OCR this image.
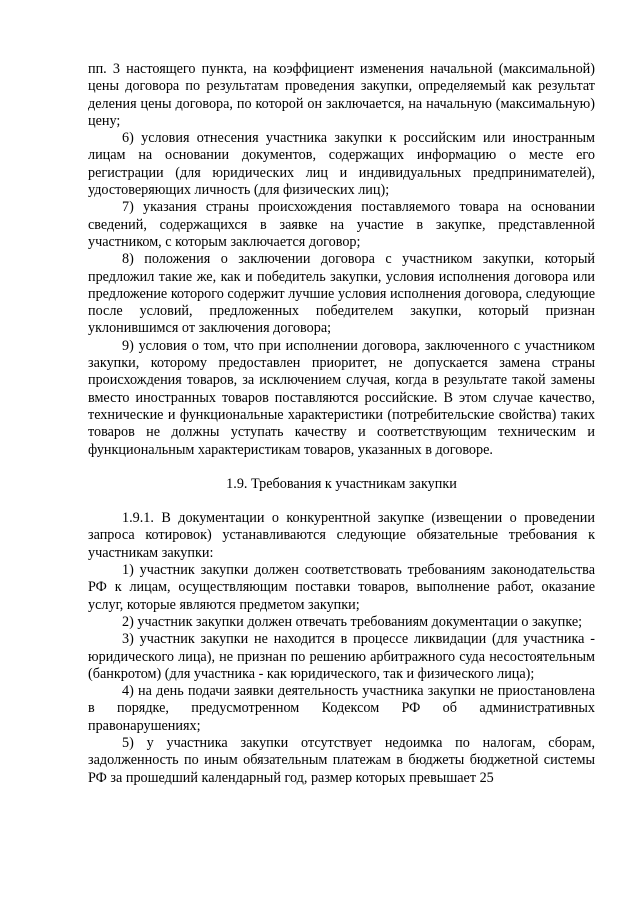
пп. 3 настоящего пункта, на коэффициент изменения начальной (максимальной) цены договора по результатам проведения закупки, определяемый как результат деления цены договора, по которой он заключается, на начальную (максимальную) цену;

6) условия отнесения участника закупки к российским или иностранным лицам на основании документов, содержащих информацию о месте его регистрации (для юридических лиц и индивидуальных предпринимателей), удостоверяющих личность (для физических лиц);

7) указания страны происхождения поставляемого товара на основании сведений, содержащихся в заявке на участие в закупке, представленной участником, с которым заключается договор;

8) положения о заключении договора с участником закупки, который предложил такие же, как и победитель закупки, условия исполнения договора или предложение которого содержит лучшие условия исполнения договора, следующие после условий, предложенных победителем закупки, который признан уклонившимся от заключения договора;

9) условия о том, что при исполнении договора, заключенного с участником закупки, которому предоставлен приоритет, не допускается замена страны происхождения товаров, за исключением случая, когда в результате такой замены вместо иностранных товаров поставляются российские. В этом случае качество, технические и функциональные характеристики (потребительские свойства) таких товаров не должны уступать качеству и соответствующим техническим и функциональным характеристикам товаров, указанных в договоре.

1.9. Требования к участникам закупки

1.9.1. В документации о конкурентной закупке (извещении о проведении запроса котировок) устанавливаются следующие обязательные требования к участникам закупки:

1) участник закупки должен соответствовать требованиям законодательства РФ к лицам, осуществляющим поставки товаров, выполнение работ, оказание услуг, которые являются предметом закупки;

2) участник закупки должен отвечать требованиям документации о закупке;

3) участник закупки не находится в процессе ликвидации (для участника - юридического лица), не признан по решению арбитражного суда несостоятельным (банкротом) (для участника - как юридического, так и физического лица);

4) на день подачи заявки деятельность участника закупки не приостановлена в порядке, предусмотренном Кодексом РФ об административных правонарушениях;

5) у участника закупки отсутствует недоимка по налогам, сборам, задолженность по иным обязательным платежам в бюджеты бюджетной системы РФ за прошедший календарный год, размер которых превышает 25
